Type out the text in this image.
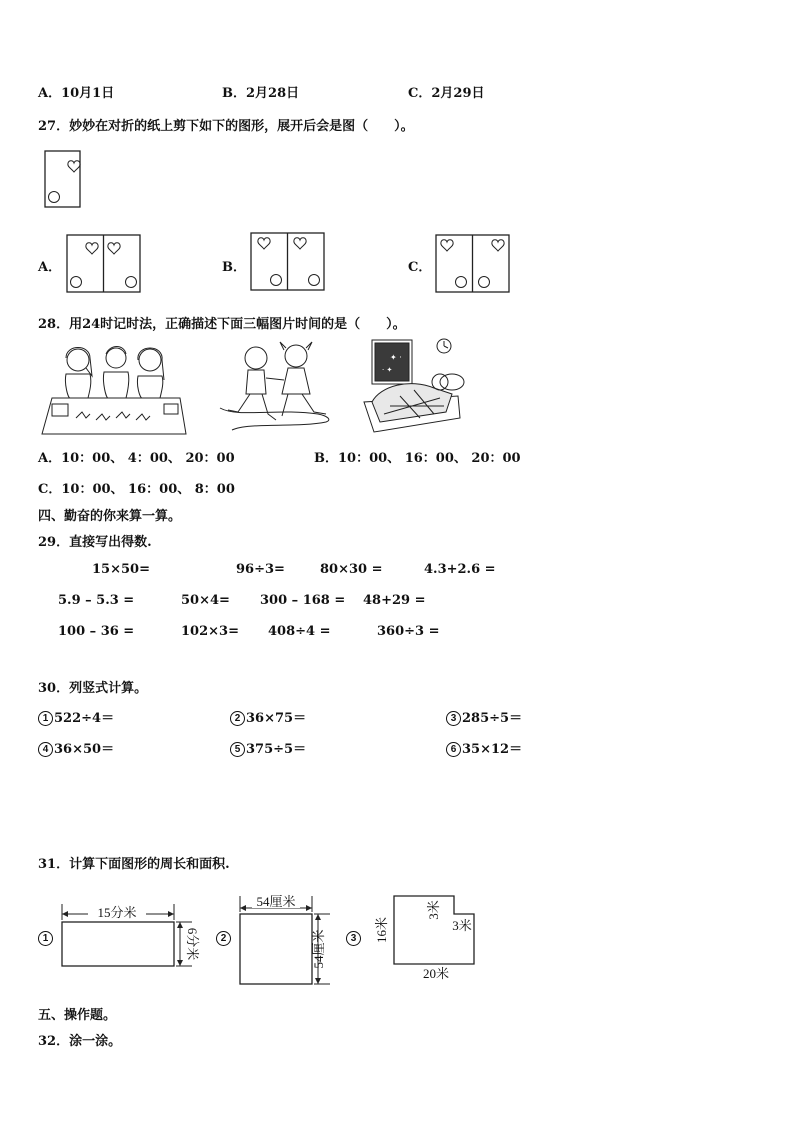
A．10月1日	B．2月28日	C．2月29日
27．妙妙在对折的纸上剪下如下的图形，展开后会是图（　　）。
A．	B．	C．
28．用24时记时法，正确描述下面三幅图片时间的是（　　）。
✦ ·
· ✦
A．10：00、 4：00、 20：00	B．10：00、 16：00、 20：00
C．10：00、 16：00、 8：00
四、勤奋的你来算一算。
29．直接写出得数.
15×50=	96÷3=	80×30 =	4.3+2.6 =
5.9 – 5.3 =	50×4= 300 – 168 = 48+29 =
100 – 36 =	102×3= 408÷4 =	360÷3 =
30．列竖式计算。
1 522÷4＝	2 36×75＝	3 285÷5＝
4 36×50＝	5 375÷5＝	6 35×12＝
31．计算下面图形的周长和面积.
1
15分米
6分米	2
54厘米
54厘米	3	16米
3米
3米
20米
五、操作题。
32．涂一涂。
